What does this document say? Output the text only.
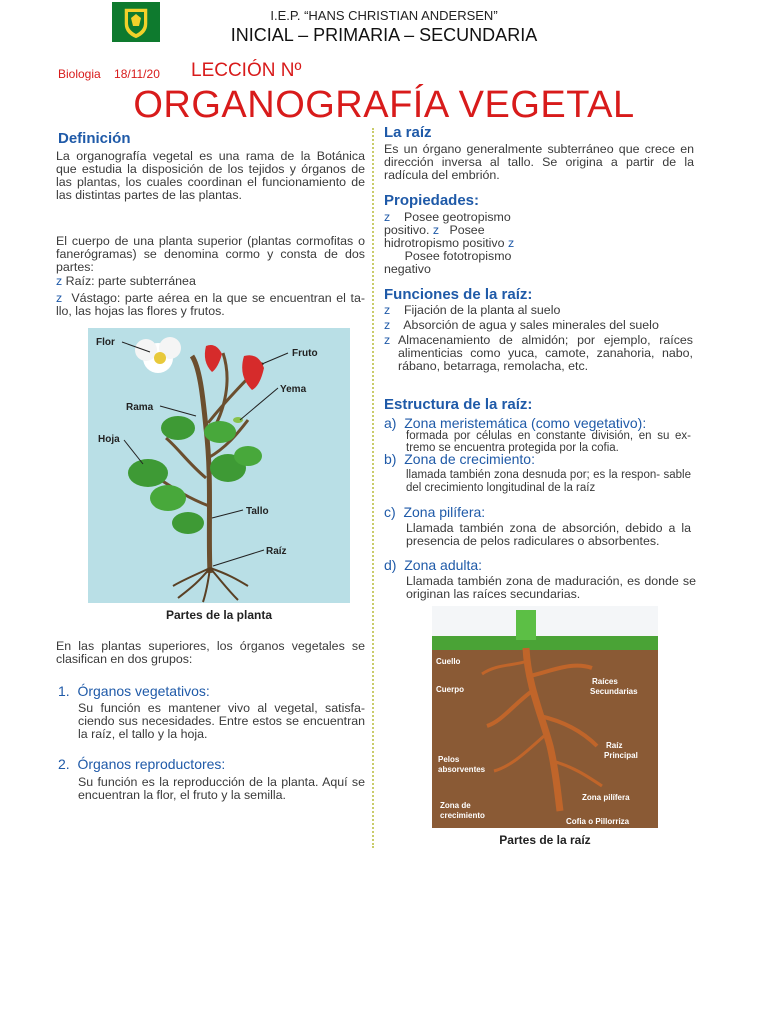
I.E.P. “HANS CHRISTIAN ANDERSEN”
INICIAL – PRIMARIA – SECUNDARIA
Biologia 18/11/20 LECCIÓN Nº
ORGANOGRAFÍA VEGETAL
Definición
La organografía vegetal es una rama de la Botánica que estudia la disposición de los tejidos y órganos de las plantas, los cuales coordinan el funcionamiento de las distintas partes de las plantas.
El cuerpo de una planta superior (plantas cormofitas o fanerógramas) se denomina cormo y consta de dos partes:
z Raíz: parte subterránea
z Vástago: parte aérea en la que se encuentran el ta- llo, las hojas las flores y frutos.
Flor
Fruto
Yema
Rama
Hoja
Tallo
Raíz
Partes de la planta
En las plantas superiores, los órganos vegetales se clasifican en dos grupos:
1. Órganos vegetativos:
Su función es mantener vivo al vegetal, satisfa- ciendo sus necesidades. Entre estos se encuentran la raíz, el tallo y la hoja.
2. Órganos reproductores:
Su función es la reproducción de la planta. Aquí se encuentran la flor, el fruto y la semilla.
La raíz
Es un órgano generalmente subterráneo que crece en dirección inversa al tallo. Se origina a partir de la radícula del embrión.
Propiedades:
z Posee geotropismo positivo. z Posee hidrotropismo positivo z
Posee fototropismo negativo
Funciones de la raíz:
z Fijación de la planta al suelo
z Absorción de agua y sales minerales del suelo
z Almacenamiento de almidón; por ejemplo, raíces alimenticias como yuca, camote, zanahoria, nabo, rábano, betarraga, remolacha, etc.
Estructura de la raíz:
a) Zona meristemática (como vegetativo):
formada por células en constante división, en su ex- tremo se encuentra protegida por la cofia.
b) Zona de crecimiento:
llamada también zona desnuda por; es la respon- sable del crecimiento longitudinal de la raíz
c) Zona pilífera:
Llamada también zona de absorción, debido a la presencia de pelos radiculares o absorbentes.
d) Zona adulta:
Llamada también zona de maduración, es donde se originan las raíces secundarias.
Cuello
Cuerpo
Raíces
Secundarias
Raíz
Principal
Pelos
absorventes
Zona pilífera
Zona de
crecimiento
Cofia o Pillorriza
Partes de la raíz
